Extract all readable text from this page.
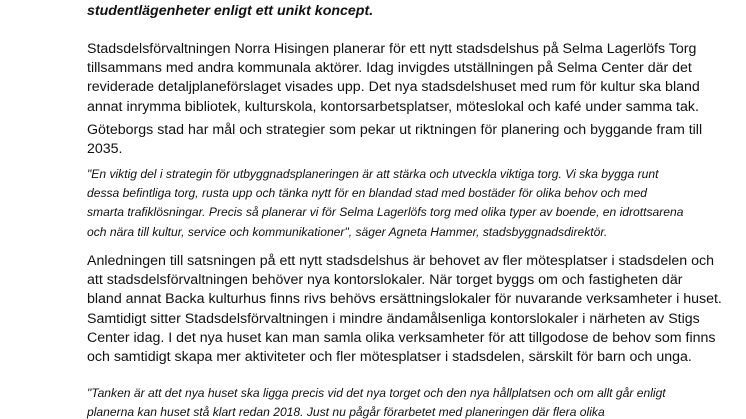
studentlägenheter enligt ett unikt koncept.
Stadsdelsförvaltningen Norra Hisingen planerar för ett nytt stadsdelshus på Selma Lagerlöfs Torg
tillsammans med andra kommunala aktörer. Idag invigdes utställningen på Selma Center där det
reviderade detaljplaneförslaget visades upp. Det nya stadsdelshuset med rum för kultur ska bland
annat inrymma bibliotek, kulturskola, kontorsarbetsplatser, möteslokal och kafé under samma tak.
Göteborgs stad har mål och strategier som pekar ut riktningen för planering och byggande fram till
2035.
"En viktig del i strategin för utbyggnadsplaneringen är att stärka och utveckla viktiga torg. Vi ska bygga runt
dessa befintliga torg, rusta upp och tänka nytt för en blandad stad med bostäder för olika behov och med
smarta trafiklösningar. Precis så planerar vi för Selma Lagerlöfs torg med olika typer av boende, en idrottsarena
och nära till kultur, service och kommunikationer", säger Agneta Hammer, stadsbyggnadsdirektör.
Anledningen till satsningen på ett nytt stadsdelshus är behovet av fler mötesplatser i stadsdelen och
att stadsdelsförvaltningen behöver nya kontorslokaler. När torget byggs om och fastigheten där
bland annat Backa kulturhus finns rivs behövs ersättningslokaler för nuvarande verksamheter i huset.
Samtidigt sitter Stadsdelsförvaltningen i mindre ändamålsenliga kontorslokaler i närheten av Stigs
Center idag. I det nya huset kan man samla olika verksamheter för att tillgodose de behov som finns
och samtidigt skapa mer aktiviteter och fler mötesplatser i stadsdelen, särskilt för barn och unga.
"Tanken är att det nya huset ska ligga precis vid det nya torget och den nya hållplatsen och om allt går enligt
planerna kan huset stå klart redan 2018. Just nu pågår förarbetet med planeringen där flera olika
